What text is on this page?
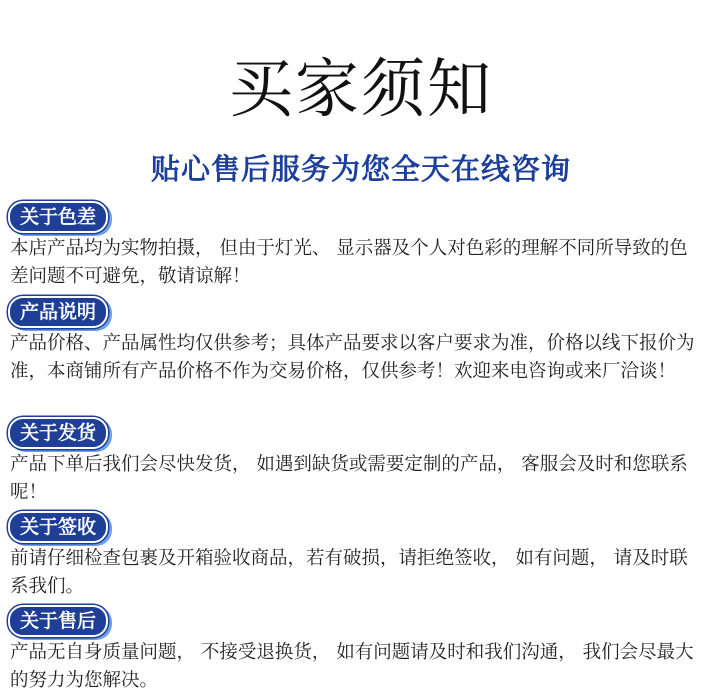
买家须知
贴心售后服务为您全天在线咨询
关于色差

本店产品均为实物拍摄， 但由于灯光、 显示器及个人对色彩的理解不同所导致的色差问题不可避免，敬请谅解！

产品说明

产品价格、产品属性均仅供参考；具体产品要求以客户要求为准，价格以线下报价为准，本商铺所有产品价格不作为交易价格，仅供参考！欢迎来电咨询或来厂洽谈！

关于发货

产品下单后我们会尽快发货， 如遇到缺货或需要定制的产品， 客服会及时和您联系呢！

关于签收

前请仔细检查包裹及开箱验收商品，若有破损，请拒绝签收， 如有问题， 请及时联系我们。

关于售后

产品无自身质量问题， 不接受退换货， 如有问题请及时和我们沟通， 我们会尽最大的努力为您解决。
